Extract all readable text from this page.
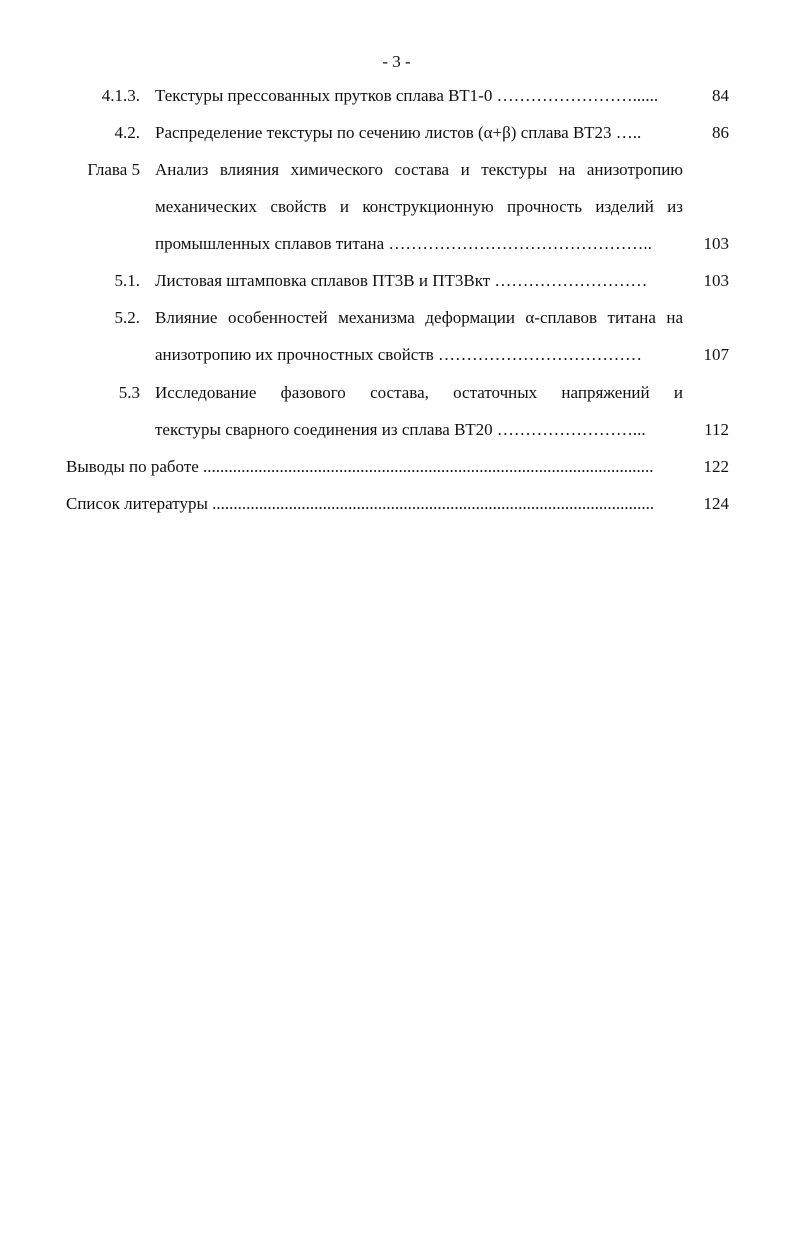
- 3 -
4.1.3. Текстуры прессованных прутков сплава ВТ1-0 ……………………......	84
4.2. Распределение текстуры по сечению листов (α+β) сплава ВТ23 …..	86
Глава 5 Анализ влияния химического состава и текстуры на анизотропию
механических свойств и конструкционную прочность изделий из
промышленных сплавов титана ………………………………………..	103
5.1. Листовая штамповка сплавов ПТ3В и ПТ3Вкт ………………………	103
5.2. Влияние особенностей механизма деформации α-сплавов титана на
анизотропию их прочностных свойств ………………………………	107
5.3 Исследование фазового состава, остаточных напряжений и
текстуры сварного соединения из сплава ВТ20 ……………………...	112
Выводы по работе ..........................................................................................................	122
Список литературы ........................................................................................................	124
